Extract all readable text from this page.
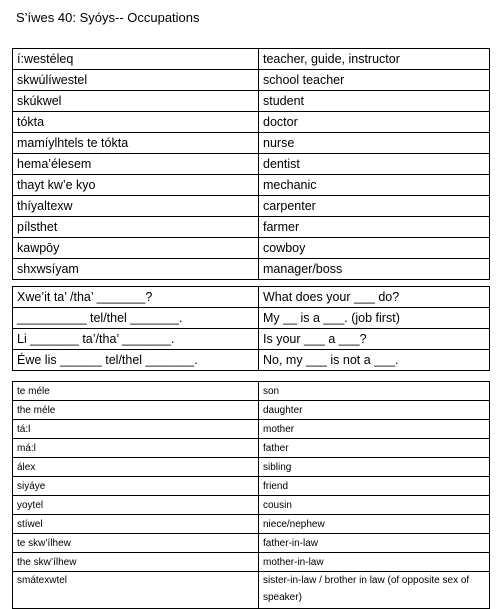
S’íwes 40: Syóys-- Occupations
í:westéleq	teacher, guide, instructor
skwúlíwestel	school teacher
skúkwel	student
tókta	doctor
mamíylhtels te tókta	nurse
hema’élesem	dentist
thayt kw’e kyo	mechanic
thíyaltexw	carpenter
pílsthet	farmer
kawpōy	cowboy
shxwsíyam	manager/boss
Xwe’it ta’ /tha’ _______?	What does your ___ do?
__________ tel/thel _______.	My __ is a ___. (job first)
Li _______ ta’/tha’ _______.	Is your ___ a ___?
Éwe lis ______ tel/thel _______.	No, my ___ is not a ___.
te méle	son
the méle	daughter
tá:l	mother
má:l	father
álex	sibling
siyáye	friend
yoytel	cousin
stíwel	niece/nephew
te skw’ílhew	father-in-law
the skw’ílhew	mother-in-law
smátexwtel	sister-in-law / brother in law (of opposite sex of speaker)
